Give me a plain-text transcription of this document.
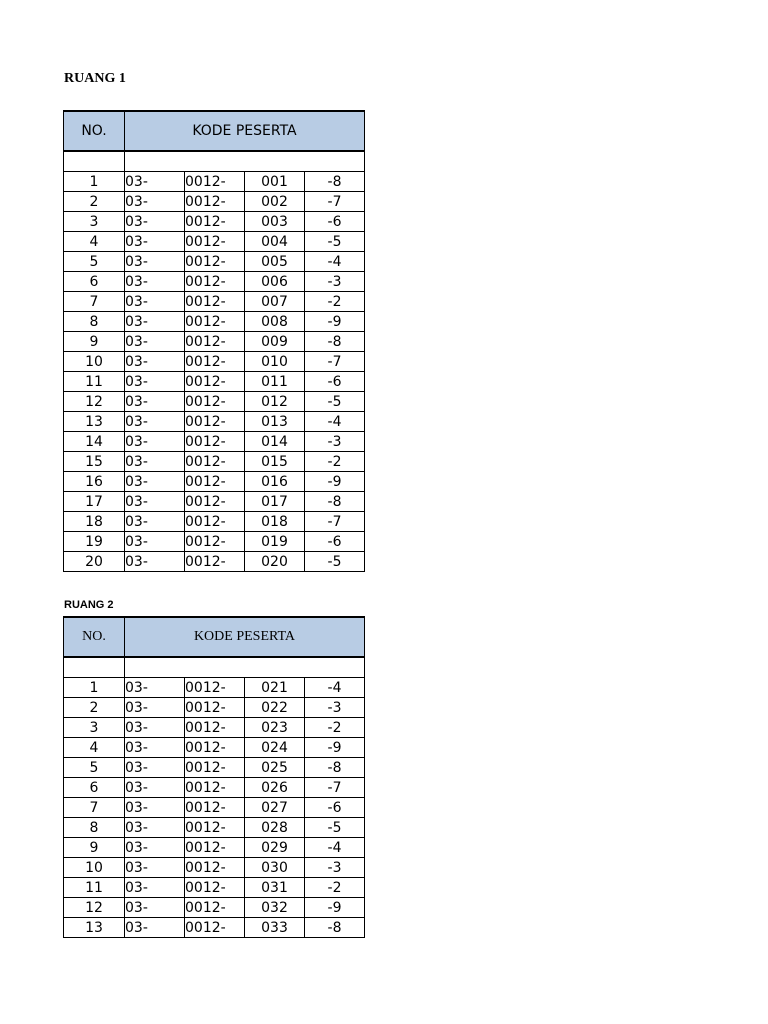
RUANG 1
NO.	KODE PESERTA			

1	03-	0012-	001	-8
2	03-	0012-	002	-7
3	03-	0012-	003	-6
4	03-	0012-	004	-5
5	03-	0012-	005	-4
6	03-	0012-	006	-3
7	03-	0012-	007	-2
8	03-	0012-	008	-9
9	03-	0012-	009	-8
10	03-	0012-	010	-7
11	03-	0012-	011	-6
12	03-	0012-	012	-5
13	03-	0012-	013	-4
14	03-	0012-	014	-3
15	03-	0012-	015	-2
16	03-	0012-	016	-9
17	03-	0012-	017	-8
18	03-	0012-	018	-7
19	03-	0012-	019	-6
20	03-	0012-	020	-5
RUANG 2
NO.	KODE PESERTA			

1	03-	0012-	021	-4
2	03-	0012-	022	-3
3	03-	0012-	023	-2
4	03-	0012-	024	-9
5	03-	0012-	025	-8
6	03-	0012-	026	-7
7	03-	0012-	027	-6
8	03-	0012-	028	-5
9	03-	0012-	029	-4
10	03-	0012-	030	-3
11	03-	0012-	031	-2
12	03-	0012-	032	-9
13	03-	0012-	033	-8
